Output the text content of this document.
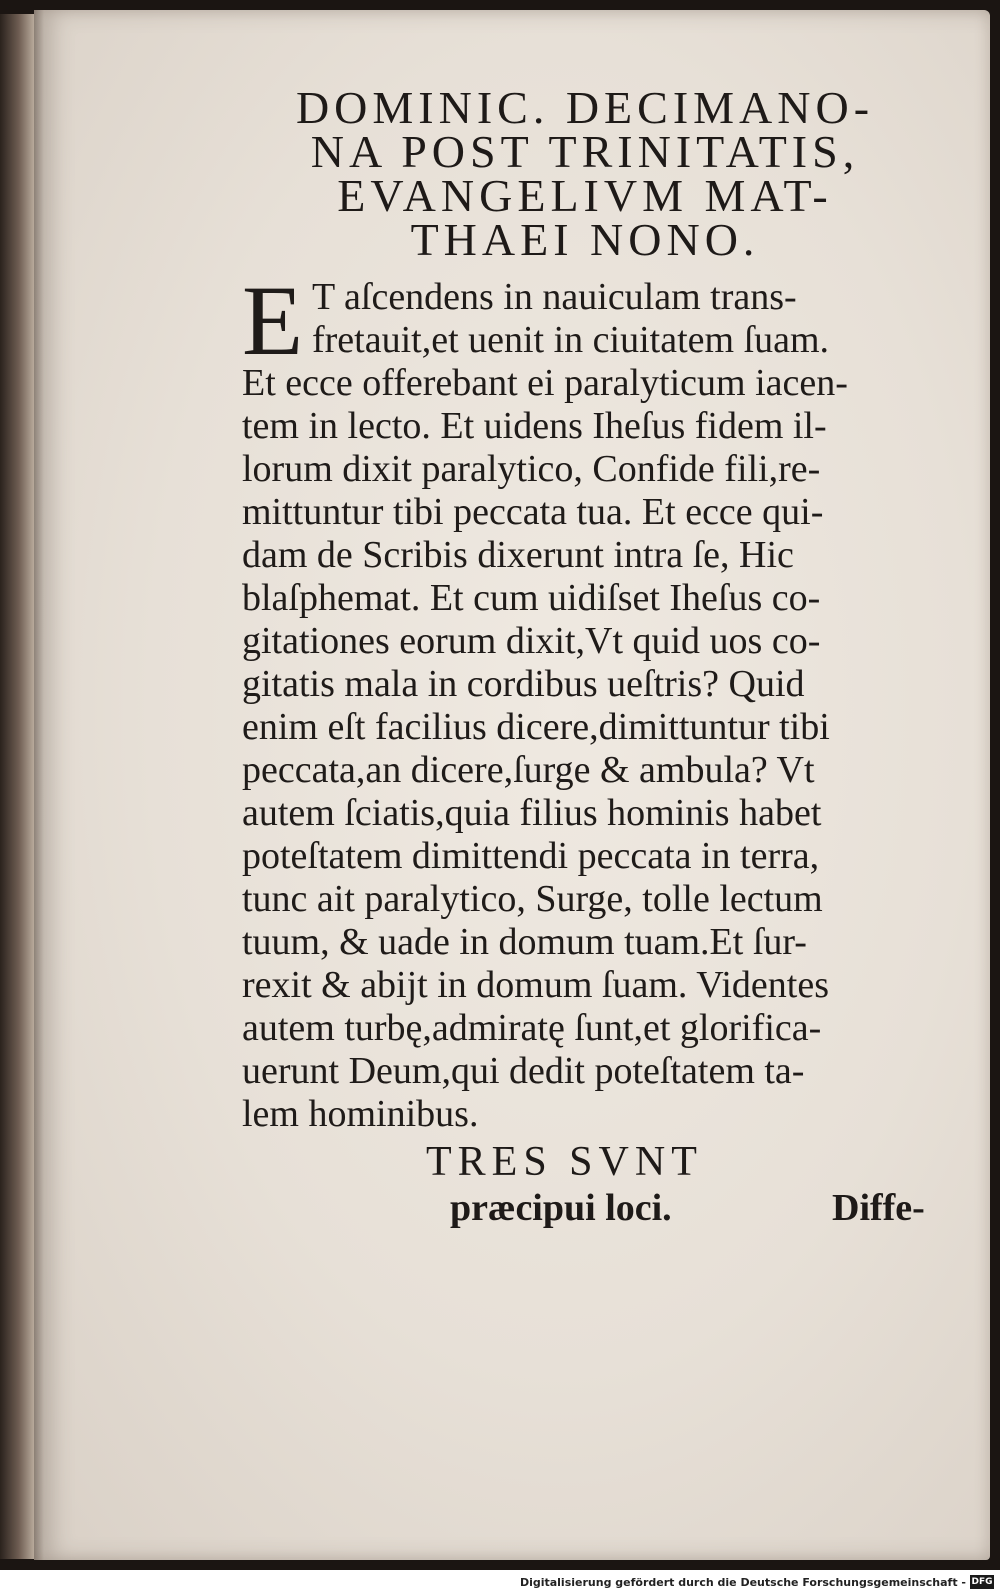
DOMINIC. DECIMANO-
NA POST TRINITATIS,
EVANGELIVM MAT-
THAEI NONO.
E T aſcendens in nauiculam trans-
fretauit,et uenit in ciuitatem ſuam.
Et ecce offerebant ei paralyticum iacen-
tem in lecto. Et uidens Iheſus fidem il-
lorum dixit paralytico, Confide fili,re-
mittuntur tibi peccata tua. Et ecce qui-
dam de Scribis dixerunt intra ſe, Hic
blaſphemat. Et cum uidiſset Iheſus co-
gitationes eorum dixit,Vt quid uos co-
gitatis mala in cordibus ueſtris? Quid
enim eſt facilius dicere,dimittuntur tibi
peccata,an dicere,ſurge & ambula? Vt
autem ſciatis,quia filius hominis habet
poteſtatem dimittendi peccata in terra,
tunc ait paralytico, Surge, tolle lectum
tuum, & uade in domum tuam.Et ſur-
rexit & abijt in domum ſuam. Videntes
autem turbę,admiratę ſunt,et glorifica-
uerunt Deum,qui dedit poteſtatem ta-
lem hominibus.
TRES SVNT
præcipui loci.	Diffe-
Digitalisierung gefördert durch die Deutsche Forschungsgemeinschaft - DFG
